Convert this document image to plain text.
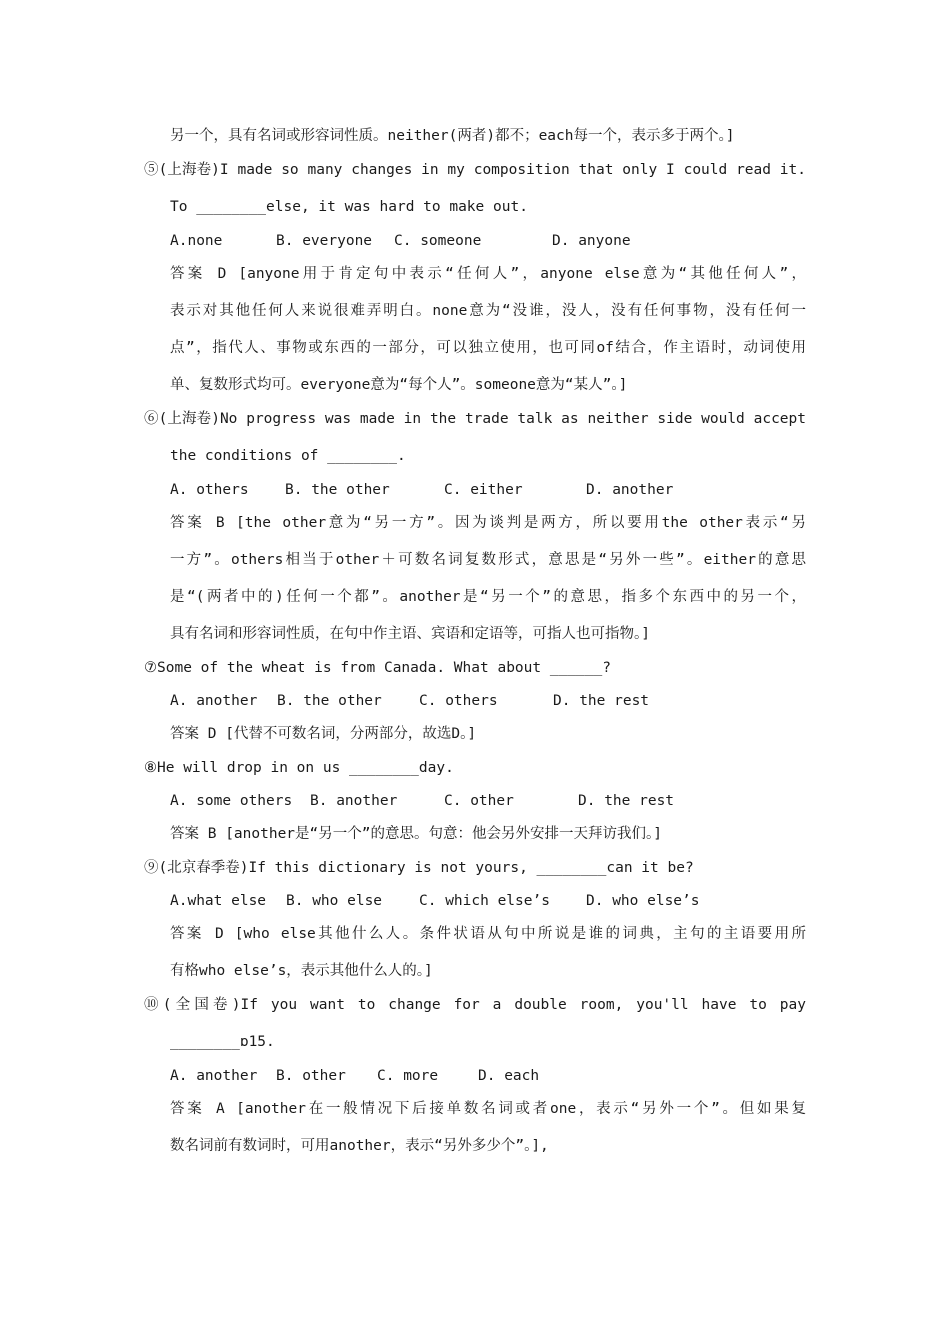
另一个，具有名词或形容词性质。neither(两者)都不；each每一个，表示多于两个。]
⑤(上海卷)I made so many changes in my composition that only I could read it.
To ________else, it was hard to make out.
A.none	B. everyone C. someone	D. anyone
答案 D [anyone用于肯定句中表示“任何人”，anyone else意为“其他任何人”，
表示对其他任何人来说很难弄明白。none意为“没谁，没人，没有任何事物，没有任何一
点”，指代人、事物或东西的一部分，可以独立使用，也可同of结合，作主语时，动词使用
单、复数形式均可。everyone意为“每个人”。someone意为“某人”。]
⑥(上海卷)No progress was made in the trade talk as neither side would accept
the conditions of ________.
A. others	B. the other	C. either	D. another
答案 B [the other意为“另一方”。因为谈判是两方，所以要用the other表示“另
一方”。others相当于other＋可数名词复数形式，意思是“另外一些”。either的意思
是“(两者中的)任何一个都”。another是“另一个”的意思，指多个东西中的另一个，
具有名词和形容词性质，在句中作主语、宾语和定语等，可指人也可指物。]
⑦Some of the wheat is from Canada. What about ______?
A. another B. the other	C. others	D. the rest
答案 D [代替不可数名词，分两部分，故选D。]
⑧He will drop in on us ________day.
A. some others B. another	C. other	D. the rest
答案 B [another是“另一个”的意思。句意：他会另外安排一天拜访我们。]
⑨(北京春季卷)If this dictionary is not yours, ________can it be?
A.what else B. who else	C. which else’s D. who else’s
答案 D [who else其他什么人。条件状语从句中所说是谁的词典，主句的主语要用所
有格who else’s，表示其他什么人的。]
⑩(全国卷)If you want to change for a double room, you'll have to pay
________ɒ15.
A. another B. other C. more	D. each
答案 A [another在一般情况下后接单数名词或者one，表示“另外一个”。但如果复
数名词前有数词时，可用another，表示“另外多少个”。],
